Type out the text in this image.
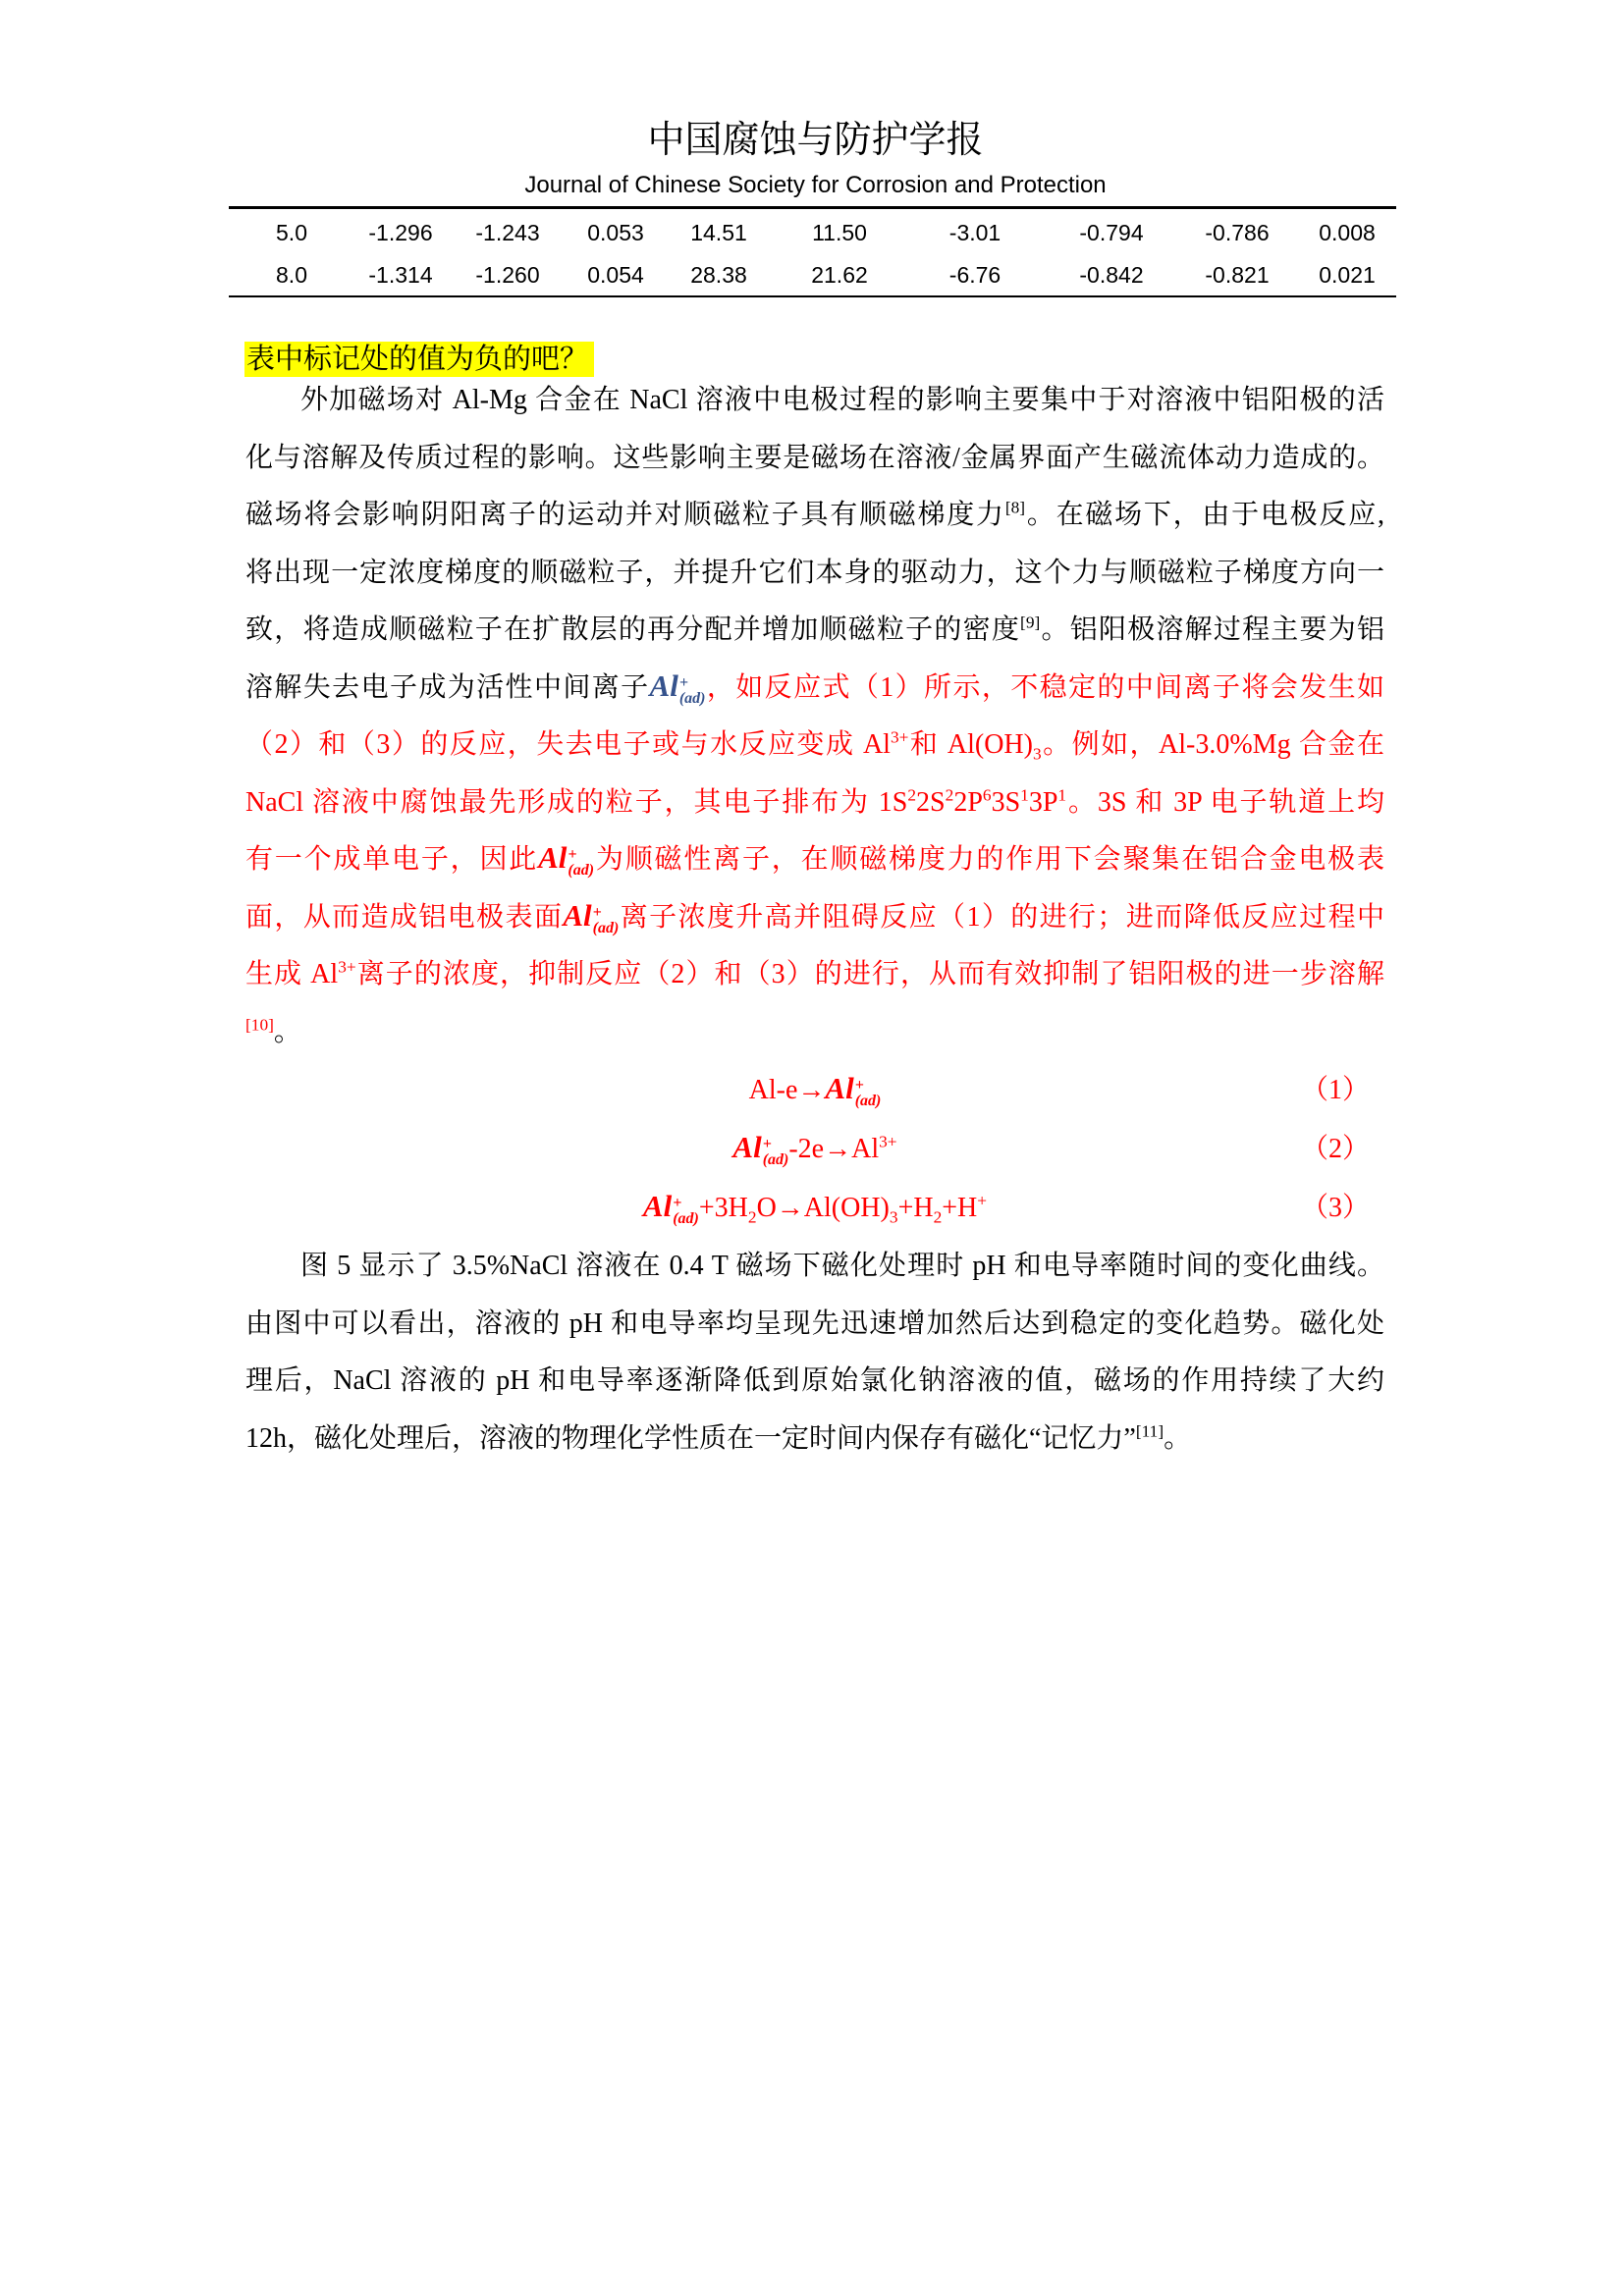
中国腐蚀与防护学报
Journal of Chinese Society for Corrosion and Protection
5.0	-1.296 -1.243 0.053 14.51	11.50	-3.01	-0.794	-0.786 0.008
8.0	-1.314 -1.260 0.054 28.38	21.62	-6.76	-0.842	-0.821 0.021
表中标记处的值为负的吧？
外加磁场对 Al-Mg 合金在 NaCl 溶液中电极过程的影响主要集中于对溶液中铝阳极的活
化与溶解及传质过程的影响。这些影响主要是磁场在溶液/金属界面产生磁流体动力造成的。
磁场将会影响阴阳离子的运动并对顺磁粒子具有顺磁梯度力[8]。在磁场下，由于电极反应,
将出现一定浓度梯度的顺磁粒子，并提升它们本身的驱动力，这个力与顺磁粒子梯度方向一
致，将造成顺磁粒子在扩散层的再分配并增加顺磁粒子的密度[9]。铝阳极溶解过程主要为铝
溶解失去电子成为活性中间离子Al +
(ad) ，如反应式（1）所示，不稳定的中间离子将会发生如
（2）和（3）的反应，失去电子或与水反应变成 $Al^{3+}$和 $Al(OH)_3$。例如，Al-3.0%Mg 合金在
NaCl 溶液中腐蚀最先形成的粒子，其电子排布为 $1S^22S^22P^63S^13P^1$。3S 和 3P 电子轨道上均
有一个成单电子，因此Al +
(ad) 为顺磁性离子，在顺磁梯度力的作用下会聚集在铝合金电极表
面，从而造成铝电极表面Al +
(ad) 离子浓度升高并阻碍反应（1）的进行；进而降低反应过程中
生成 $Al^{3+}$离子的浓度，抑制反应（2）和（3）的进行，从而有效抑制了铝阳极的进一步溶解
[10]。
Al-e→Al +
(ad)	（1）
Al +
(ad) $-2e\to Al^{3+}$	（2）
Al +
$(ad) +3H_2O\to Al(OH)_3+H_2+H^+$	（3）
图 5 显示了 3.5%NaCl 溶液在 0.4 T 磁场下磁化处理时 pH 和电导率随时间的变化曲线。
由图中可以看出，溶液的 pH 和电导率均呈现先迅速增加然后达到稳定的变化趋势。磁化处
理后，NaCl 溶液的 pH 和电导率逐渐降低到原始氯化钠溶液的值，磁场的作用持续了大约
12h，磁化处理后，溶液的物理化学性质在一定时间内保存有磁化“记忆力”[11]。
